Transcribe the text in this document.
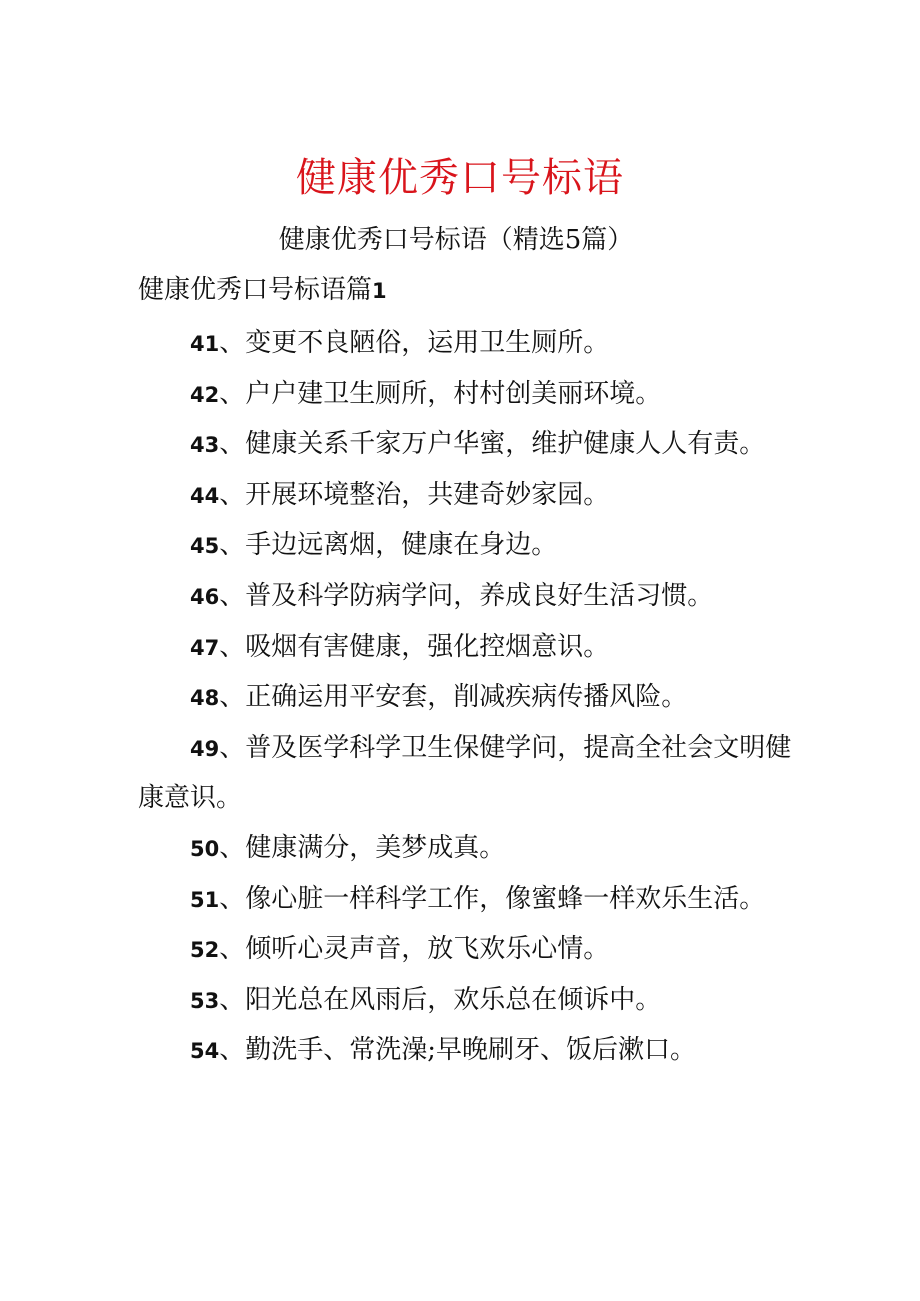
健康优秀口号标语
健康优秀口号标语（精选5篇）
健康优秀口号标语篇1
41、变更不良陋俗，运用卫生厕所。
42、户户建卫生厕所，村村创美丽环境。
43、健康关系千家万户华蜜，维护健康人人有责。
44、开展环境整治，共建奇妙家园。
45、手边远离烟，健康在身边。
46、普及科学防病学问，养成良好生活习惯。
47、吸烟有害健康，强化控烟意识。
48、正确运用平安套，削减疾病传播风险。
49、普及医学科学卫生保健学问，提高全社会文明健康意识。
50、健康满分，美梦成真。
51、像心脏一样科学工作，像蜜蜂一样欢乐生活。
52、倾听心灵声音，放飞欢乐心情。
53、阳光总在风雨后，欢乐总在倾诉中。
54、勤洗手、常洗澡;早晚刷牙、饭后漱口。
